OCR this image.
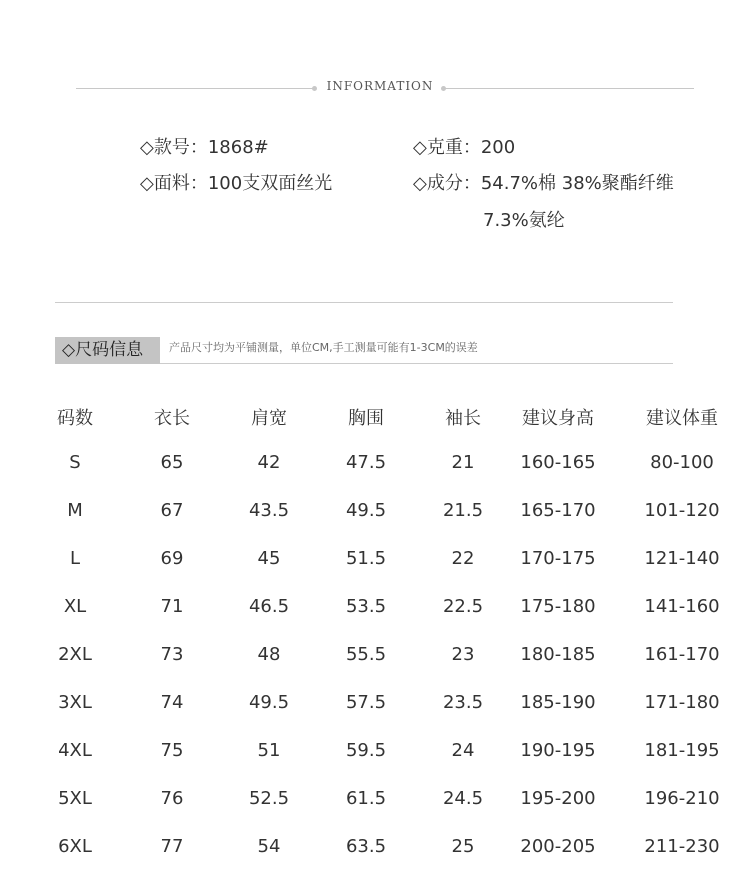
INFORMATION
◇款号：1868#	◇克重：200
◇面料：100支双面丝光	◇成分：54.7%棉 38%聚酯纤维
7.3%氨纶
◇尺码信息	产品尺寸均为平铺测量，单位CM,手工测量可能有1-3CM的误差
码数	衣长	肩宽	胸围	袖长 建议身高	建议体重
S	65	42	47.5	21	160-165	80-100
M	67	43.5	49.5	21.5 165-170	101-120
L	69	45	51.5	22	170-175	121-140
XL	71	46.5	53.5	22.5 175-180	141-160
2XL	73	48	55.5	23	180-185	161-170
3XL	74	49.5	57.5	23.5 185-190	171-180
4XL	75	51	59.5	24	190-195	181-195
5XL	76	52.5	61.5	24.5 195-200	196-210
6XL	77	54	63.5	25	200-205	211-230
